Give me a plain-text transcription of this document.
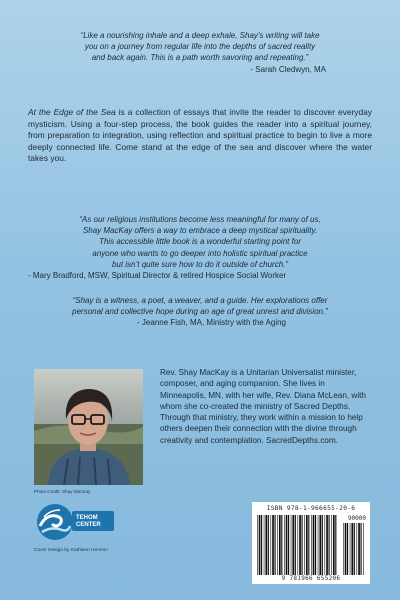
“Like a nourishing inhale and a deep exhale, Shay’s writing will take
you on a journey from regular life into the depths of sacred reality
and back again. This is a path worth savoring and repeating.”
- Sarah Cledwyn, MA
At the Edge of the Sea is a collection of essays that invite the reader to discover everyday mysticism. Using a four-step process, the book guides the reader into a spiritual journey, from preparation to integration, using reflection and spiritual practice to begin to live a more deeply connected life. Come stand at the edge of the sea and discover where the water takes you.
“As our religious institutions become less meaningful for many of us,
Shay MacKay offers a way to embrace a deep mystical spirituality.
This accessible little book is a wonderful starting point for
anyone who wants to go deeper into holistic spiritual practice
but isn’t quite sure how to do it outside of church.”
- Mary Bradford, MSW, Spiritual Director & retired Hospice Social Worker
“Shay is a witness, a poet, a weaver, and a guide. Her explorations offer
personal and collective hope during an age of great unrest and division.”
- Jeanne Fish, MA, Ministry with the Aging
Photo Credit: Shay MacKay
Rev. Shay MacKay is a Unitarian Universalist minister, composer, and aging companion. She lives in Minneapolis, MN, with her wife, Rev. Diana McLean, with whom she co-created the ministry of Sacred Depths. Through that ministry, they work within a mission to help others deepen their connection with the divine through creativity and contemplation. SacredDepths.com.
TEHOM
CENTER
Cover Design by Kathleen Henrion
ISBN 978-1-966655-20-6
90000
9 781966 655206
